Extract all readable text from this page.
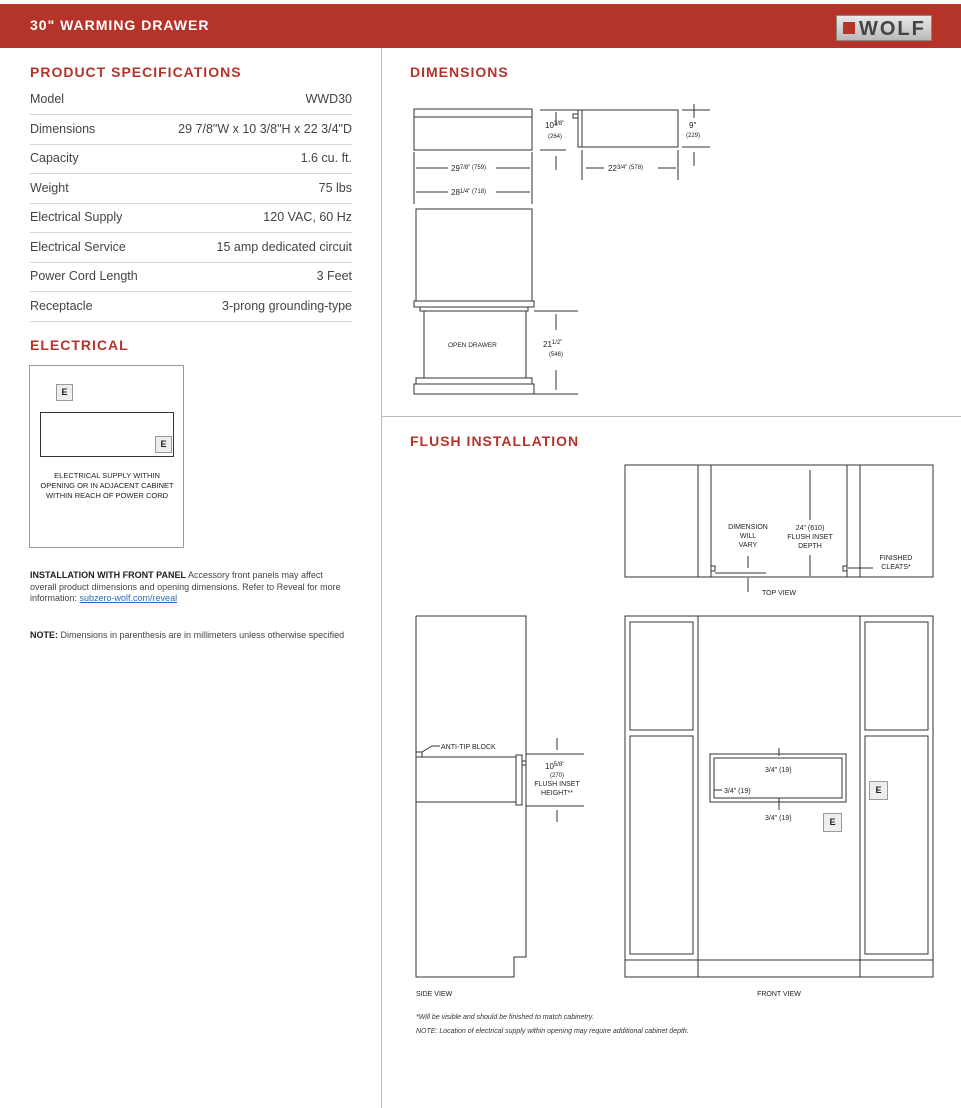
30" WARMING DRAWER	WOLF
PRODUCT SPECIFICATIONS
Model	WWD30
Dimensions	29 7/8"W x 10 3/8"H x 22 3/4"D
Capacity	1.6 cu. ft.
Weight	75 lbs
Electrical Supply	120 VAC, 60 Hz
Electrical Service	15 amp dedicated circuit
Power Cord Length	3 Feet
Receptacle	3-prong grounding-type
ELECTRICAL
E
E
ELECTRICAL SUPPLY WITHIN OPENING OR IN ADJACENT CABINET WITHIN REACH OF POWER CORD
INSTALLATION WITH FRONT PANEL Accessory front panels may affect overall product dimensions and opening dimensions. Refer to Reveal for more information: subzero-wolf.com/reveal
NOTE: Dimensions in parenthesis are in millimeters unless otherwise specified
DIMENSIONS
$10^{3/8"}$
(264)
9"
(229)
$22^{3/4" (578)}$
$29^{7/8" (759)}$
$28^{1/4" (718)}$
OPEN DRAWER	$21^{1/2"}$
(546)
DIMENSION
WILL
VARY
24" (610)
FLUSH INSET
DEPTH
FINISHED
CLEATS*
TOP VIEW
ANTI-TIP BLOCK
$10^{5/8"}$
(270)
FLUSH INSET
HEIGHT**
SIDE VIEW
3/4" (19)
3/4" (19)
3/4" (19)
FRONT VIEW
E
E
FLUSH INSTALLATION
*Will be visible and should be finished to match cabinetry.
NOTE: Location of electrical supply within opening may require additional cabinet depth.
